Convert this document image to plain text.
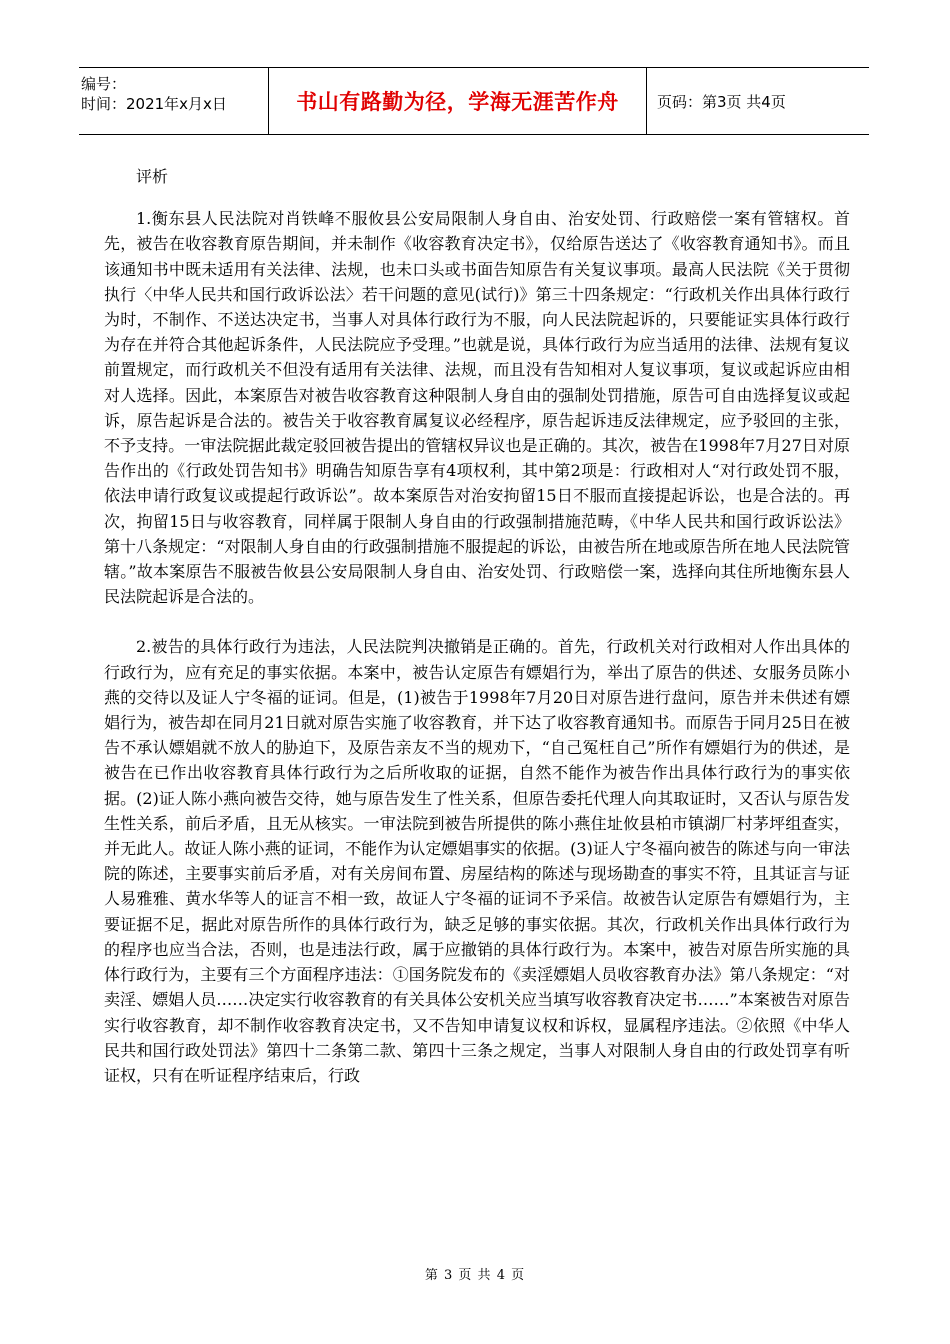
编号：
时间：2021年x月x日	书山有路勤为径，学海无涯苦作舟	页码：第3页 共4页

评析

1.衡东县人民法院对肖铁峰不服攸县公安局限制人身自由、治安处罚、行政赔偿一案有管辖权。首先，被告在收容教育原告期间，并未制作《收容教育决定书》，仅给原告送达了《收容教育通知书》。而且该通知书中既未适用有关法律、法规，也未口头或书面告知原告有关复议事项。最高人民法院《关于贯彻执行〈中华人民共和国行政诉讼法〉若干问题的意见(试行)》第三十四条规定：“行政机关作出具体行政行为时，不制作、不送达决定书，当事人对具体行政行为不服，向人民法院起诉的，只要能证实具体行政行为存在并符合其他起诉条件，人民法院应予受理。”也就是说，具体行政行为应当适用的法律、法规有复议前置规定，而行政机关不但没有适用有关法律、法规，而且没有告知相对人复议事项，复议或起诉应由相对人选择。因此，本案原告对被告收容教育这种限制人身自由的强制处罚措施，原告可自由选择复议或起诉，原告起诉是合法的。被告关于收容教育属复议必经程序，原告起诉违反法律规定，应予驳回的主张，不予支持。一审法院据此裁定驳回被告提出的管辖权异议也是正确的。其次，被告在1998年7月27日对原告作出的《行政处罚告知书》明确告知原告享有4项权利，其中第2项是：行政相对人“对行政处罚不服，依法申请行政复议或提起行政诉讼”。故本案原告对治安拘留15日不服而直接提起诉讼，也是合法的。再次，拘留15日与收容教育，同样属于限制人身自由的行政强制措施范畴，《中华人民共和国行政诉讼法》第十八条规定：“对限制人身自由的行政强制措施不服提起的诉讼，由被告所在地或原告所在地人民法院管辖。”故本案原告不服被告攸县公安局限制人身自由、治安处罚、行政赔偿一案，选择向其住所地衡东县人民法院起诉是合法的。

2.被告的具体行政行为违法，人民法院判决撤销是正确的。首先，行政机关对行政相对人作出具体的行政行为，应有充足的事实依据。本案中，被告认定原告有嫖娼行为，举出了原告的供述、女服务员陈小燕的交待以及证人宁冬福的证词。但是，(1)被告于1998年7月20日对原告进行盘问，原告并未供述有嫖娼行为，被告却在同月21日就对原告实施了收容教育，并下达了收容教育通知书。而原告于同月25日在被告不承认嫖娼就不放人的胁迫下，及原告亲友不当的规劝下，“自己冤枉自己”所作有嫖娼行为的供述，是被告在已作出收容教育具体行政行为之后所收取的证据，自然不能作为被告作出具体行政行为的事实依据。(2)证人陈小燕向被告交待，她与原告发生了性关系，但原告委托代理人向其取证时，又否认与原告发生性关系，前后矛盾，且无从核实。一审法院到被告所提供的陈小燕住址攸县柏市镇湖厂村茅坪组查实，并无此人。故证人陈小燕的证词，不能作为认定嫖娼事实的依据。(3)证人宁冬福向被告的陈述与向一审法院的陈述，主要事实前后矛盾，对有关房间布置、房屋结构的陈述与现场勘查的事实不符，且其证言与证人易雅雅、黄水华等人的证言不相一致，故证人宁冬福的证词不予采信。故被告认定原告有嫖娼行为，主要证据不足，据此对原告所作的具体行政行为，缺乏足够的事实依据。其次，行政机关作出具体行政行为的程序也应当合法，否则，也是违法行政，属于应撤销的具体行政行为。本案中，被告对原告所实施的具体行政行为，主要有三个方面程序违法：①国务院发布的《卖淫嫖娼人员收容教育办法》第八条规定：“对卖淫、嫖娼人员……决定实行收容教育的有关具体公安机关应当填写收容教育决定书……”本案被告对原告实行收容教育，却不制作收容教育决定书，又不告知申请复议权和诉权，显属程序违法。②依照《中华人民共和国行政处罚法》第四十二条第二款、第四十三条之规定，当事人对限制人身自由的行政处罚享有听证权，只有在听证程序结束后，行政

第 3 页 共 4 页
